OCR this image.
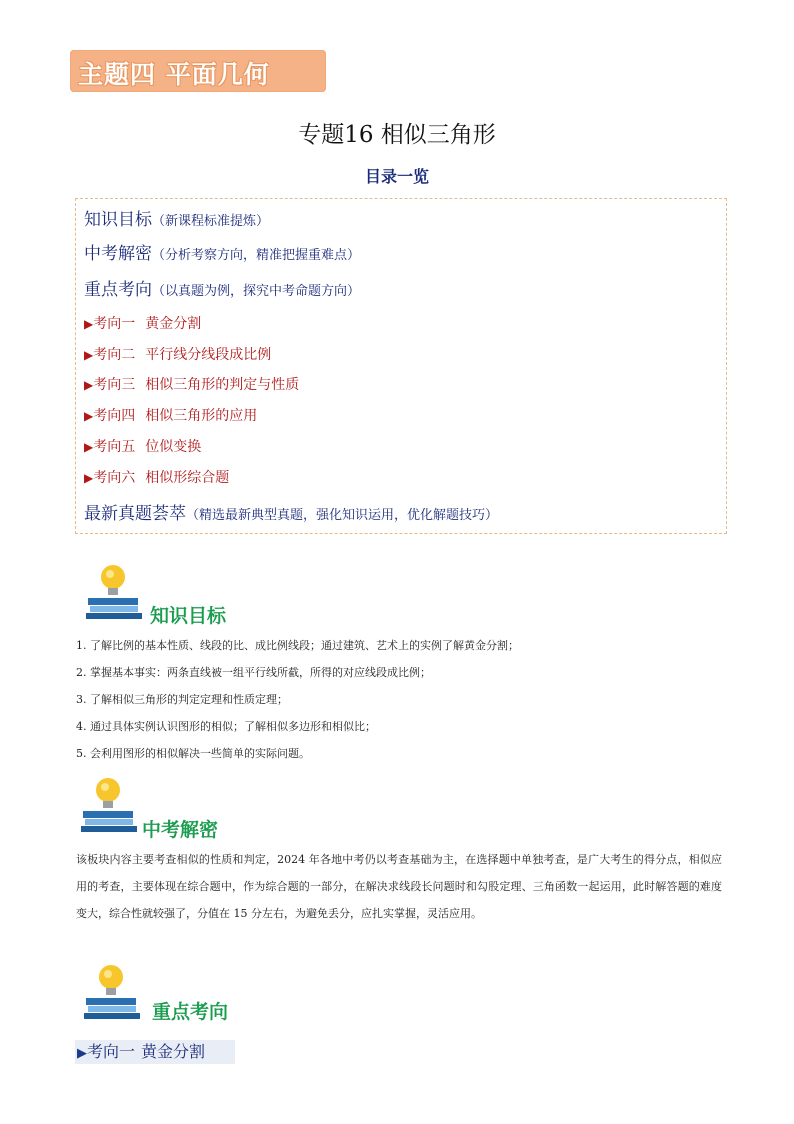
主题四 平面几何
专题16 相似三角形
目录一览
知识目标（新课程标准提炼）
中考解密（分析考察方向，精准把握重难点）
重点考向（以真题为例，探究中考命题方向）
▶考向一 黄金分割
▶考向二 平行线分线段成比例
▶考向三 相似三角形的判定与性质
▶考向四 相似三角形的应用
▶考向五 位似变换
▶考向六 相似形综合题
最新真题荟萃（精选最新典型真题，强化知识运用，优化解题技巧）
知识目标
1. 了解比例的基本性质、线段的比、成比例线段；通过建筑、艺术上的实例了解黄金分割；
2. 掌握基本事实：两条直线被一组平行线所截，所得的对应线段成比例；
3. 了解相似三角形的判定定理和性质定理；
4. 通过具体实例认识图形的相似；了解相似多边形和相似比；
5. 会利用图形的相似解决一些简单的实际问题。
中考解密
该板块内容主要考查相似的性质和判定，2024 年各地中考仍以考查基础为主，在选择题中单独考查，是广大考生的得分点，相似应用的考查，主要体现在综合题中，作为综合题的一部分，在解决求线段长问题时和勾股定理、三角函数一起运用，此时解答题的难度变大，综合性就较强了，分值在 15 分左右，为避免丢分，应扎实掌握，灵活应用。
重点考向
▶考向一 黄金分割
